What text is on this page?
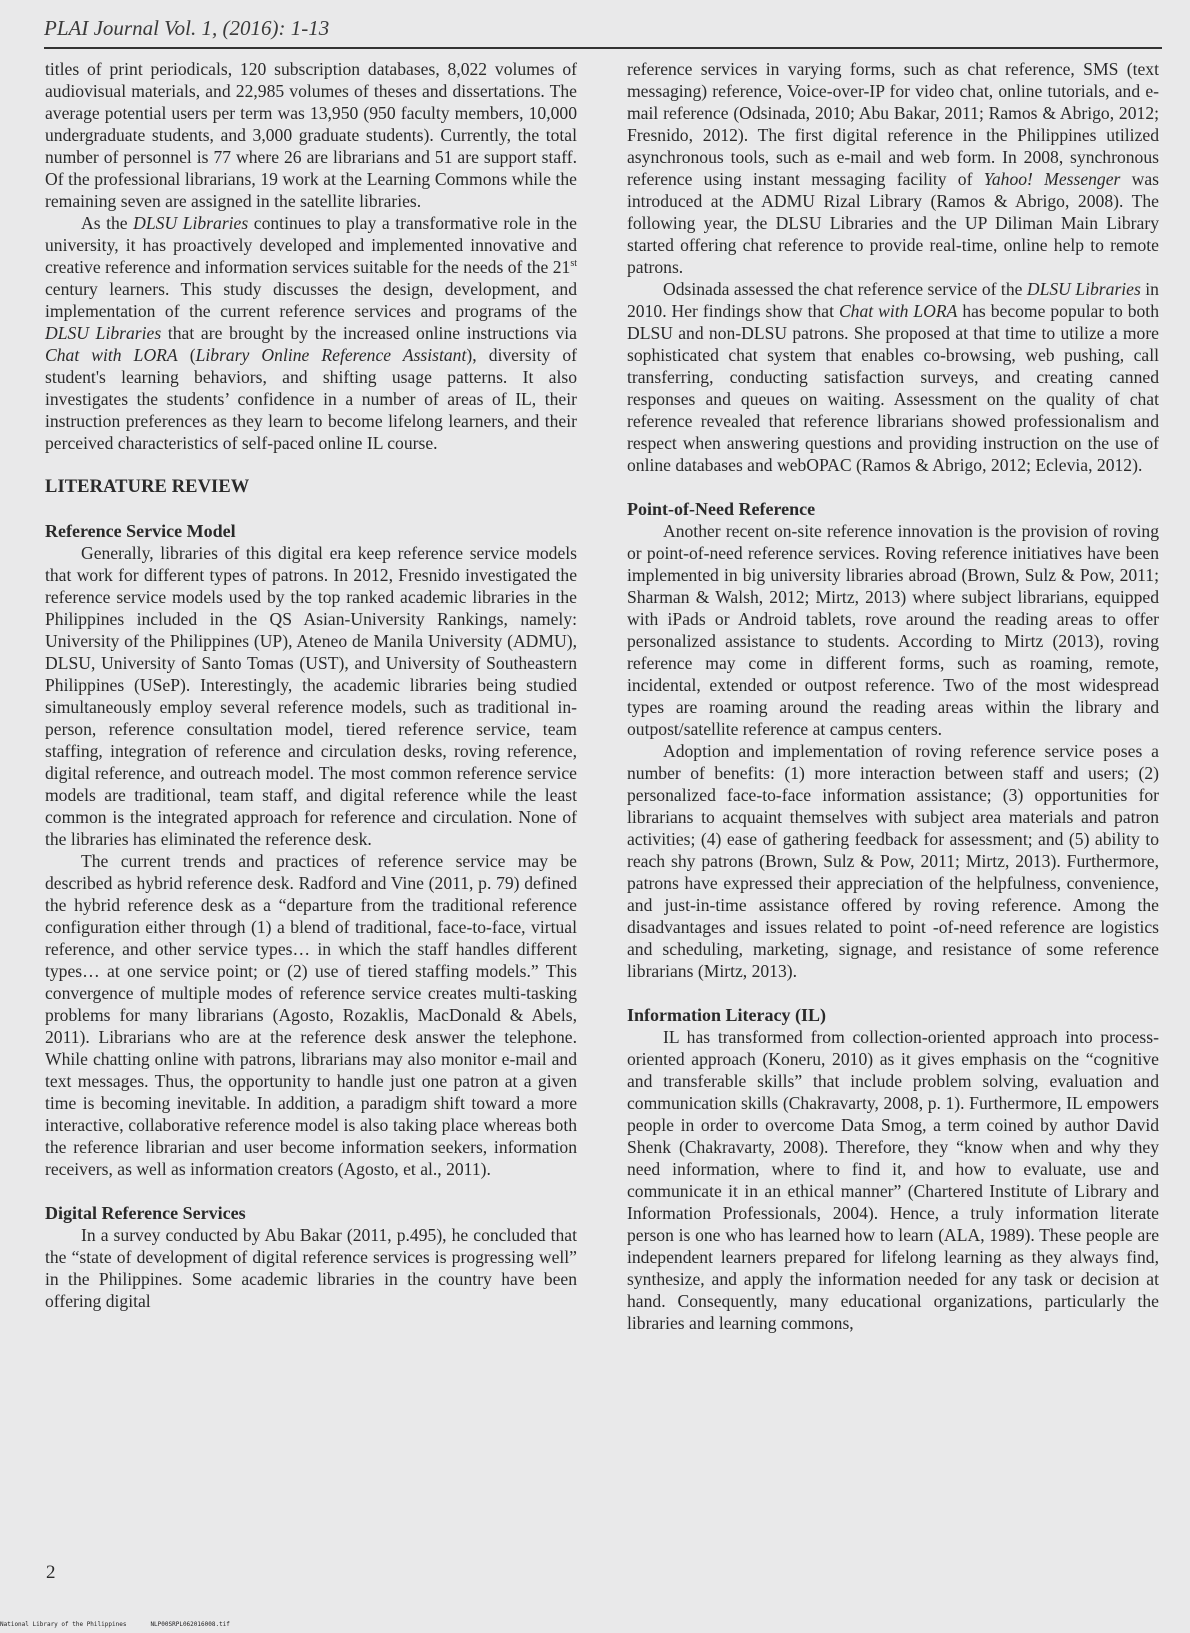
PLAI Journal Vol. 1, (2016): 1-13

titles of print periodicals, 120 subscription databases, 8,022 volumes of audiovisual materials, and 22,985 volumes of theses and dissertations. The average potential users per term was 13,950 (950 faculty members, 10,000 undergraduate students, and 3,000 graduate students). Currently, the total number of personnel is 77 where 26 are librarians and 51 are support staff. Of the professional librarians, 19 work at the Learning Commons while the remaining seven are assigned in the satellite libraries.

As the DLSU Libraries continues to play a transformative role in the university, it has proactively developed and implemented innovative and creative reference and information services suitable for the needs of the 21st century learners. This study discusses the design, development, and implementation of the current reference services and programs of the DLSU Libraries that are brought by the increased online instructions via Chat with LORA (Library Online Reference Assistant), diversity of student's learning behaviors, and shifting usage patterns. It also investigates the students’ confidence in a number of areas of IL, their instruction preferences as they learn to become lifelong learners, and their perceived characteristics of self-paced online IL course.

LITERATURE REVIEW
Reference Service Model

Generally, libraries of this digital era keep reference service models that work for different types of patrons. In 2012, Fresnido investigated the reference service models used by the top ranked academic libraries in the Philippines included in the QS Asian-University Rankings, namely: University of the Philippines (UP), Ateneo de Manila University (ADMU), DLSU, University of Santo Tomas (UST), and University of Southeastern Philippines (USeP). Interestingly, the academic libraries being studied simultaneously employ several reference models, such as traditional in-person, reference consultation model, tiered reference service, team staffing, integration of reference and circulation desks, roving reference, digital reference, and outreach model. The most common reference service models are traditional, team staff, and digital reference while the least common is the integrated approach for reference and circulation. None of the libraries has eliminated the reference desk.

The current trends and practices of reference service may be described as hybrid reference desk. Radford and Vine (2011, p. 79) defined the hybrid reference desk as a “departure from the traditional reference configuration either through (1) a blend of traditional, face-to-face, virtual reference, and other service types… in which the staff handles different types… at one service point; or (2) use of tiered staffing models.” This convergence of multiple modes of reference service creates multi-tasking problems for many librarians (Agosto, Rozaklis, MacDonald & Abels, 2011). Librarians who are at the reference desk answer the telephone. While chatting online with patrons, librarians may also monitor e-mail and text messages. Thus, the opportunity to handle just one patron at a given time is becoming inevitable. In addition, a paradigm shift toward a more interactive, collaborative reference model is also taking place whereas both the reference librarian and user become information seekers, information receivers, as well as information creators (Agosto, et al., 2011).

Digital Reference Services

In a survey conducted by Abu Bakar (2011, p.495), he concluded that the “state of development of digital reference services is progressing well” in the Philippines. Some academic libraries in the country have been offering digital

reference services in varying forms, such as chat reference, SMS (text messaging) reference, Voice-over-IP for video chat, online tutorials, and e-mail reference (Odsinada, 2010; Abu Bakar, 2011; Ramos & Abrigo, 2012; Fresnido, 2012). The first digital reference in the Philippines utilized asynchronous tools, such as e-mail and web form. In 2008, synchronous reference using instant messaging facility of Yahoo! Messenger was introduced at the ADMU Rizal Library (Ramos & Abrigo, 2008). The following year, the DLSU Libraries and the UP Diliman Main Library started offering chat reference to provide real-time, online help to remote patrons.

Odsinada assessed the chat reference service of the DLSU Libraries in 2010. Her findings show that Chat with LORA has become popular to both DLSU and non-DLSU patrons. She proposed at that time to utilize a more sophisticated chat system that enables co-browsing, web pushing, call transferring, conducting satisfaction surveys, and creating canned responses and queues on waiting. Assessment on the quality of chat reference revealed that reference librarians showed professionalism and respect when answering questions and providing instruction on the use of online databases and webOPAC (Ramos & Abrigo, 2012; Eclevia, 2012).

Point-of-Need Reference

Another recent on-site reference innovation is the provision of roving or point-of-need reference services. Roving reference initiatives have been implemented in big university libraries abroad (Brown, Sulz & Pow, 2011; Sharman & Walsh, 2012; Mirtz, 2013) where subject librarians, equipped with iPads or Android tablets, rove around the reading areas to offer personalized assistance to students. According to Mirtz (2013), roving reference may come in different forms, such as roaming, remote, incidental, extended or outpost reference. Two of the most widespread types are roaming around the reading areas within the library and outpost/satellite reference at campus centers.

Adoption and implementation of roving reference service poses a number of benefits: (1) more interaction between staff and users; (2) personalized face-to-face information assistance; (3) opportunities for librarians to acquaint themselves with subject area materials and patron activities; (4) ease of gathering feedback for assessment; and (5) ability to reach shy patrons (Brown, Sulz & Pow, 2011; Mirtz, 2013). Furthermore, patrons have expressed their appreciation of the helpfulness, convenience, and just-in-time assistance offered by roving reference. Among the disadvantages and issues related to point -of-need reference are logistics and scheduling, marketing, signage, and resistance of some reference librarians (Mirtz, 2013).

Information Literacy (IL)

IL has transformed from collection-oriented approach into process-oriented approach (Koneru, 2010) as it gives emphasis on the “cognitive and transferable skills” that include problem solving, evaluation and communication skills (Chakravarty, 2008, p. 1). Furthermore, IL empowers people in order to overcome Data Smog, a term coined by author David Shenk (Chakravarty, 2008). Therefore, they “know when and why they need information, where to find it, and how to evaluate, use and communicate it in an ethical manner” (Chartered Institute of Library and Information Professionals, 2004). Hence, a truly information literate person is one who has learned how to learn (ALA, 1989). These people are independent learners prepared for lifelong learning as they always find, synthesize, and apply the information needed for any task or decision at hand. Consequently, many educational organizations, particularly the libraries and learning commons,

2
National Library of the Philippines	NLP00SRPL062016008.tif
